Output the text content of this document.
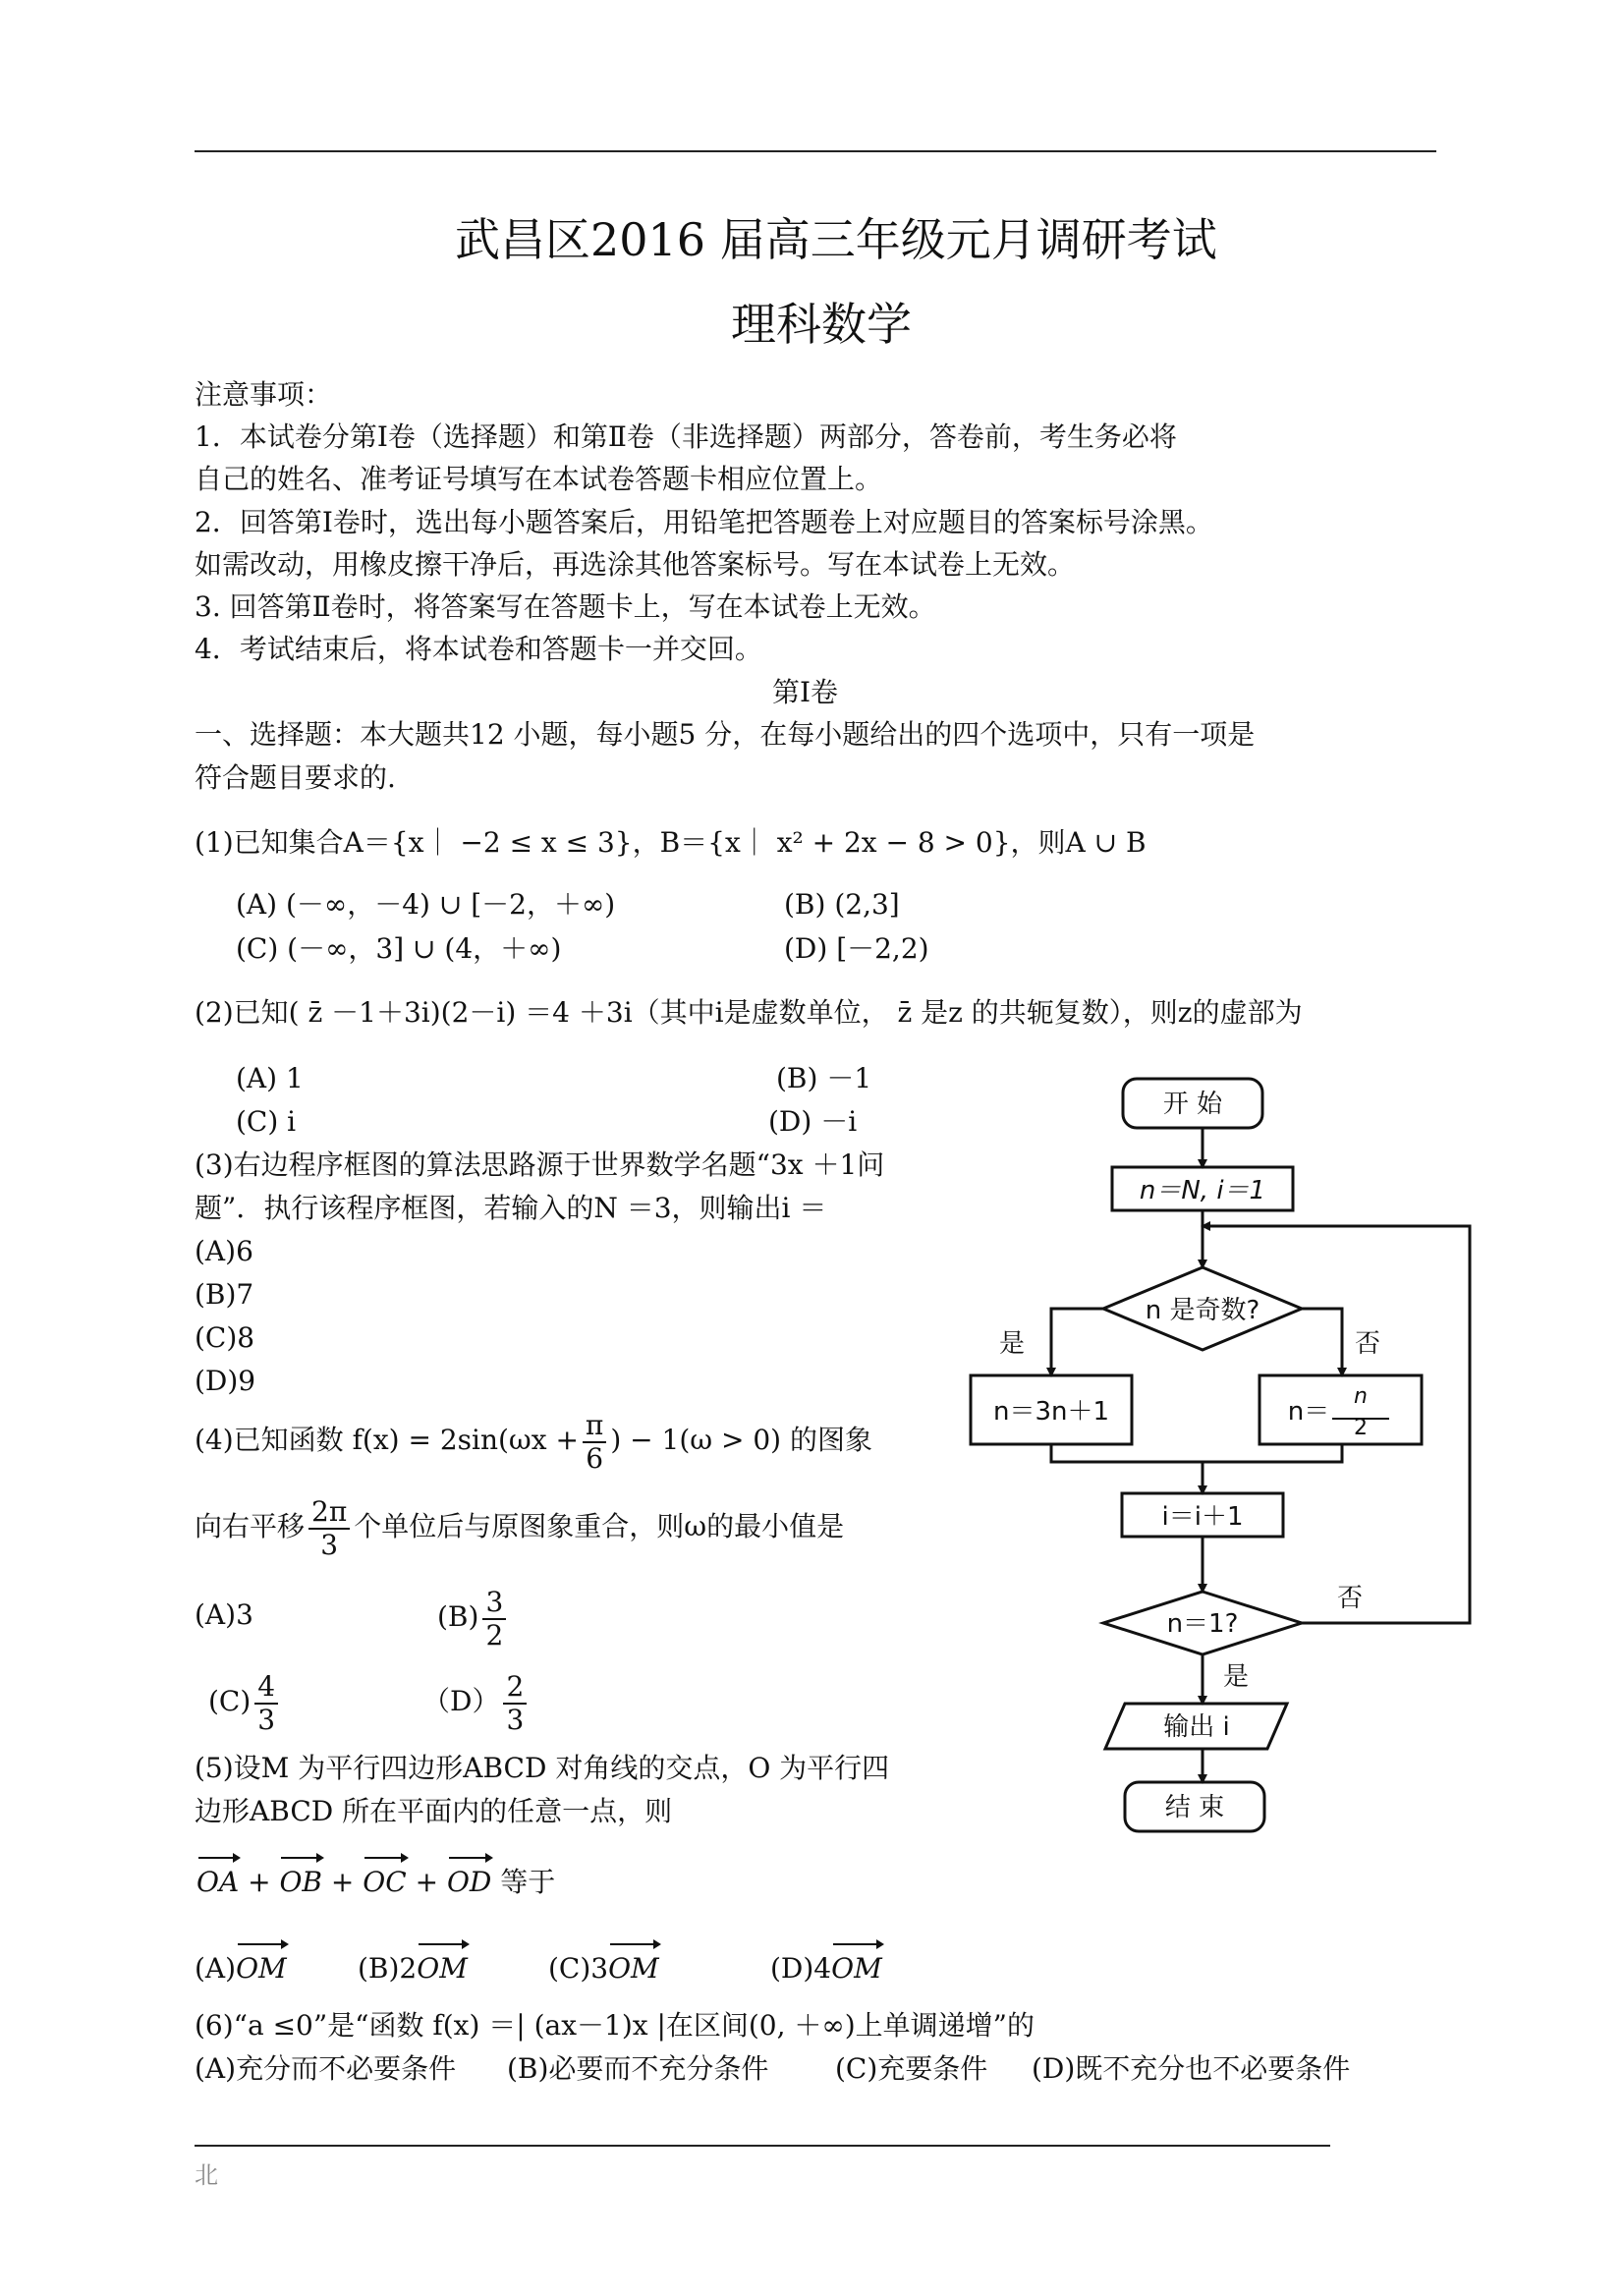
武昌区2016 届高三年级元月调研考试
理科数学
注意事项：
1．本试卷分第Ⅰ卷（选择题）和第Ⅱ卷（非选择题）两部分，答卷前，考生务必将
自己的姓名、准考证号填写在本试卷答题卡相应位置上。
2．回答第Ⅰ卷时，选出每小题答案后，用铅笔把答题卷上对应题目的答案标号涂黑。
如需改动，用橡皮擦干净后，再选涂其他答案标号。写在本试卷上无效。
3. 回答第Ⅱ卷时，将答案写在答题卡上，写在本试卷上无效。
4．考试结束后，将本试卷和答题卡一并交回。
第Ⅰ卷
一、选择题：本大题共12 小题，每小题5 分，在每小题给出的四个选项中，只有一项是
符合题目要求的.
(1)已知集合A＝{x｜ −2 ≤ x ≤ 3}，B＝{x｜ x² + 2x − 8 > 0}，则A ∪ B
(A) (－∞，－4) ∪ [－2，＋∞)	(B) (2,3]
(C) (－∞，3] ∪ (4，＋∞)	(D) [－2,2)
(2)已知( z̄ －1＋3i)(2－i) ＝4 ＋3i（其中i是虚数单位， z̄ 是z 的共轭复数），则z的虚部为
(A) 1	(B) －1
(C) i	(D) －i
(3)右边程序框图的算法思路源于世界数学名题“3x ＋1问
题”．执行该程序框图，若输入的N ＝3，则输出i ＝
(A)6
(B)7
(C)8
(D)9
(4)已知函数 $f(x) = 2\sin(\omega x + \frac{\pi}{6}$ ) − 1(ω > 0) 的图象
向右平移 $\frac{2\pi}{3}$ 个单位后与原图象重合，则ω的最小值是
(A)3	$(B) \frac{3}{2}$
$(C) \frac{4}{3}$	$(D) \frac{2}{3}$
(5)设M 为平行四边形ABCD 对角线的交点，O 为平行四
边形ABCD 所在平面内的任意一点，则
OA + OB + OC + OD 等于
(A)OM	(B)2OM	(C)3OM	(D)4OM
(6)“a ≤0”是“函数 f(x) ＝| (ax－1)x |在区间(0, ＋∞)上单调递增”的
(A)充分而不必要条件 (B)必要而不充分条件 (C)充要条件 (D)既不充分也不必要条件
北
开 始
n＝N, i＝1
n 是奇数?
是	否
n＝3n＋1	n＝
n
2
i＝i＋1
n＝1?
否
是
输出 i
结 束
